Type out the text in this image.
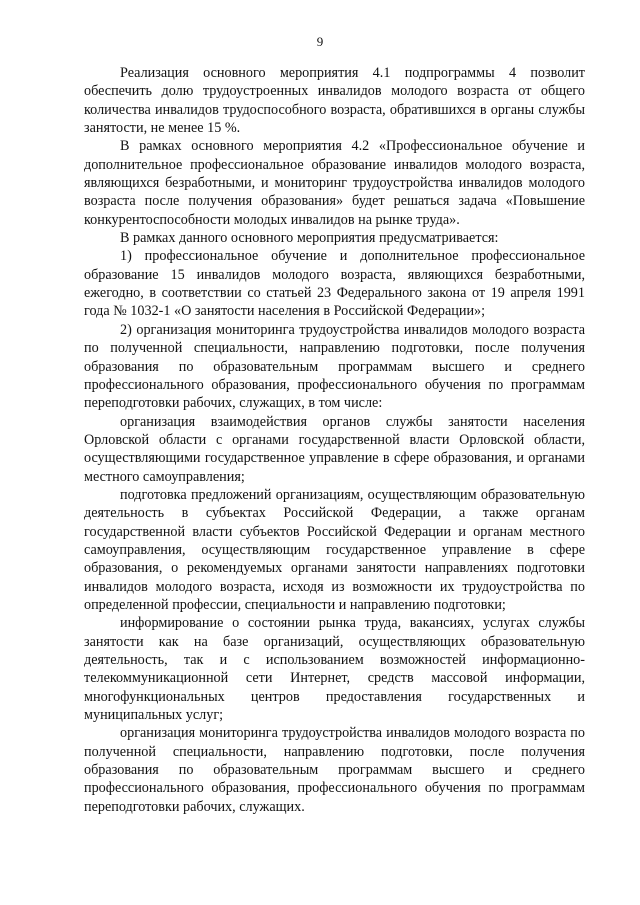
9

Реализация основного мероприятия 4.1 подпрограммы 4 позволит обеспечить долю трудоустроенных инвалидов молодого возраста от общего количества инвалидов трудоспособного возраста, обратившихся в органы службы занятости, не менее 15 %.

В рамках основного мероприятия 4.2 «Профессиональное обучение и дополнительное профессиональное образование инвалидов молодого возраста, являющихся безработными, и мониторинг трудоустройства инвалидов молодого возраста после получения образования» будет решаться задача «Повышение конкурентоспособности молодых инвалидов на рынке труда».

В рамках данного основного мероприятия предусматривается:

1) профессиональное обучение и дополнительное профессиональное образование 15 инвалидов молодого возраста, являющихся безработными, ежегодно, в соответствии со статьей 23 Федерального закона от 19 апреля 1991 года № 1032-1 «О занятости населения в Российской Федерации»;

2) организация мониторинга трудоустройства инвалидов молодого возраста по полученной специальности, направлению подготовки, после получения образования по образовательным программам высшего и среднего профессионального образования, профессионального обучения по программам переподготовки рабочих, служащих, в том числе:

организация взаимодействия органов службы занятости населения Орловской области с органами государственной власти Орловской области, осуществляющими государственное управление в сфере образования, и органами местного самоуправления;

подготовка предложений организациям, осуществляющим образовательную деятельность в субъектах Российской Федерации, а также органам государственной власти субъектов Российской Федерации и органам местного самоуправления, осуществляющим государственное управление в сфере образования, о рекомендуемых органами занятости направлениях подготовки инвалидов молодого возраста, исходя из возможности их трудоустройства по определенной профессии, специальности и направлению подготовки;

информирование о состоянии рынка труда, вакансиях, услугах службы занятости как на базе организаций, осуществляющих образовательную деятельность, так и с использованием возможностей информационно-телекоммуникационной сети Интернет, средств массовой информации, многофункциональных центров предоставления государственных и муниципальных услуг;

организация мониторинга трудоустройства инвалидов молодого возраста по полученной специальности, направлению подготовки, после получения образования по образовательным программам высшего и среднего профессионального образования, профессионального обучения по программам переподготовки рабочих, служащих.
